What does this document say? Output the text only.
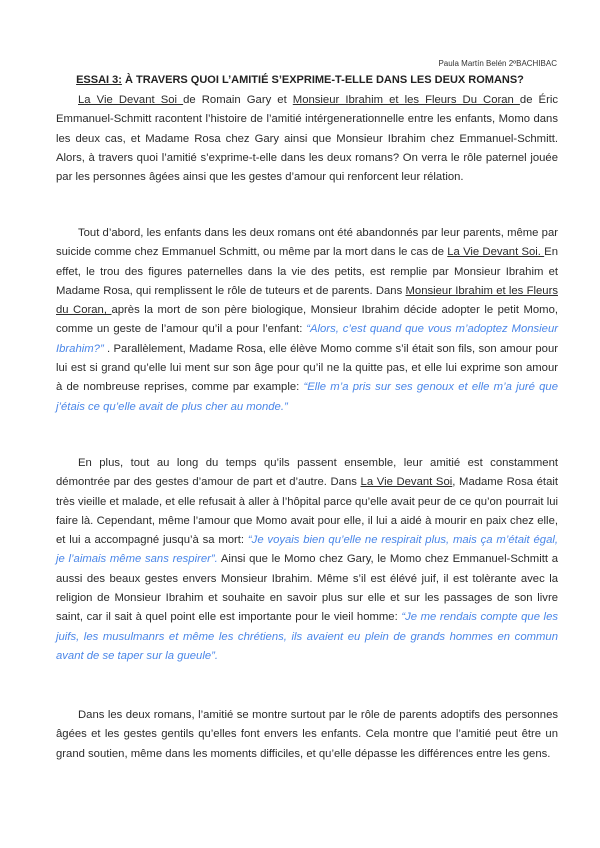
Paula Martín Belén 2ºBACHIBAC
ESSAI 3: À TRAVERS QUOI L’AMITIÉ S’EXPRIME-T-ELLE DANS LES DEUX ROMANS?

La Vie Devant Soi de Romain Gary et Monsieur Ibrahim et les Fleurs Du Coran de Éric Emmanuel-Schmitt racontent l’histoire de l’amitié intérgenerationnelle entre les enfants, Momo dans les deux cas, et Madame Rosa chez Gary ainsi que Monsieur Ibrahim chez Emmanuel-Schmitt. Alors, à travers quoi l’amitié s’exprime-t-elle dans les deux romans? On verra le rôle paternel jouée par les personnes âgées ainsi que les gestes d’amour qui renforcent leur rélation.

Tout d’abord, les enfants dans les deux romans ont été abandonnés par leur parents, même par suicide comme chez Emmanuel Schmitt, ou même par la mort dans le cas de La Vie Devant Soi. En effet, le trou des figures paternelles dans la vie des petits, est remplie par Monsieur Ibrahim et Madame Rosa, qui remplissent le rôle de tuteurs et de parents. Dans Monsieur Ibrahim et les Fleurs du Coran, après la mort de son père biologique, Monsieur Ibrahim décide adopter le petit Momo, comme un geste de l’amour qu’il a pour l’enfant: “Alors, c’est quand que vous m’adoptez Monsieur Ibrahim?” . Parallèlement, Madame Rosa, elle élève Momo comme s’il était son fils, son amour pour lui est si grand qu’elle lui ment sur son âge pour qu’il ne la quitte pas, et elle lui exprime son amour à de nombreuse reprises, comme par example: “Elle m’a pris sur ses genoux et elle m’a juré que j’étais ce qu’elle avait de plus cher au monde.”

En plus, tout au long du temps qu’ils passent ensemble, leur amitié est constamment démontrée par des gestes d’amour de part et d’autre. Dans La Vie Devant Soi, Madame Rosa était très vieille et malade, et elle refusait à aller à l’hôpital parce qu’elle avait peur de ce qu’on pourrait lui faire là. Cependant, même l’amour que Momo avait pour elle, il lui a aidé à mourir en paix chez elle, et lui a accompagné jusqu’à sa mort: “Je voyais bien qu’elle ne respirait plus, mais ça m’était égal, je l’aimais même sans respirer”. Ainsi que le Momo chez Gary, le Momo chez Emmanuel-Schmitt a aussi des beaux gestes envers Monsieur Ibrahim. Même s’il est élévé juif, il est tolèrante avec la religion de Monsieur Ibrahim et souhaite en savoir plus sur elle et sur les passages de son livre saint, car il sait à quel point elle est importante pour le vieil homme: “Je me rendais compte que les juifs, les musulmanrs et même les chrétiens, ils avaient eu plein de grands hommes en commun avant de se taper sur la gueule”.

Dans les deux romans, l’amitié se montre surtout par le rôle de parents adoptifs des personnes âgées et les gestes gentils qu’elles font envers les enfants. Cela montre que l’amitié peut être un grand soutien, même dans les moments difficiles, et qu’elle dépasse les différences entre les gens.
